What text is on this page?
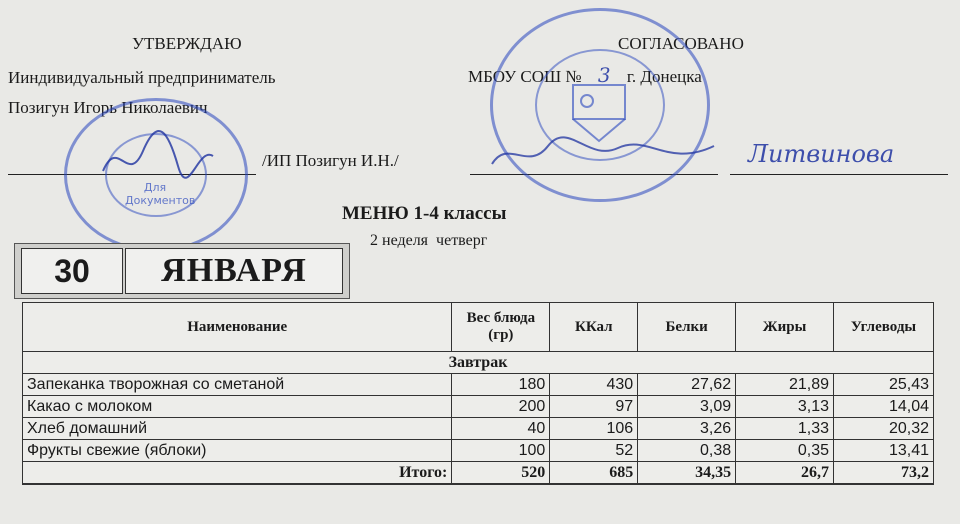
УТВЕРЖДАЮ
Ииндивидуальный предприниматель
Позигун Игорь Николаевич
/ИП Позигун И.Н./
СОГЛАСОВАНО
МБОУ СОШ № 3 г. Донецка
Литвинова
Для Документов
МЕНЮ 1-4 классы
2 неделя  четверг
30	ЯНВАРЯ
Наименование	Вес блюда (гр)	ККал	Белки	Жиры	Углеводы
Завтрак					
Запеканка творожная со сметаной	180	430	27,62	21,89	25,43
Какао с молоком	200	97	3,09	3,13	14,04
Хлеб домашний	40	106	3,26	1,33	20,32
Фрукты свежие (яблоки)	100	52	0,38	0,35	13,41
Итого:	520	685	34,35	26,7	73,2
